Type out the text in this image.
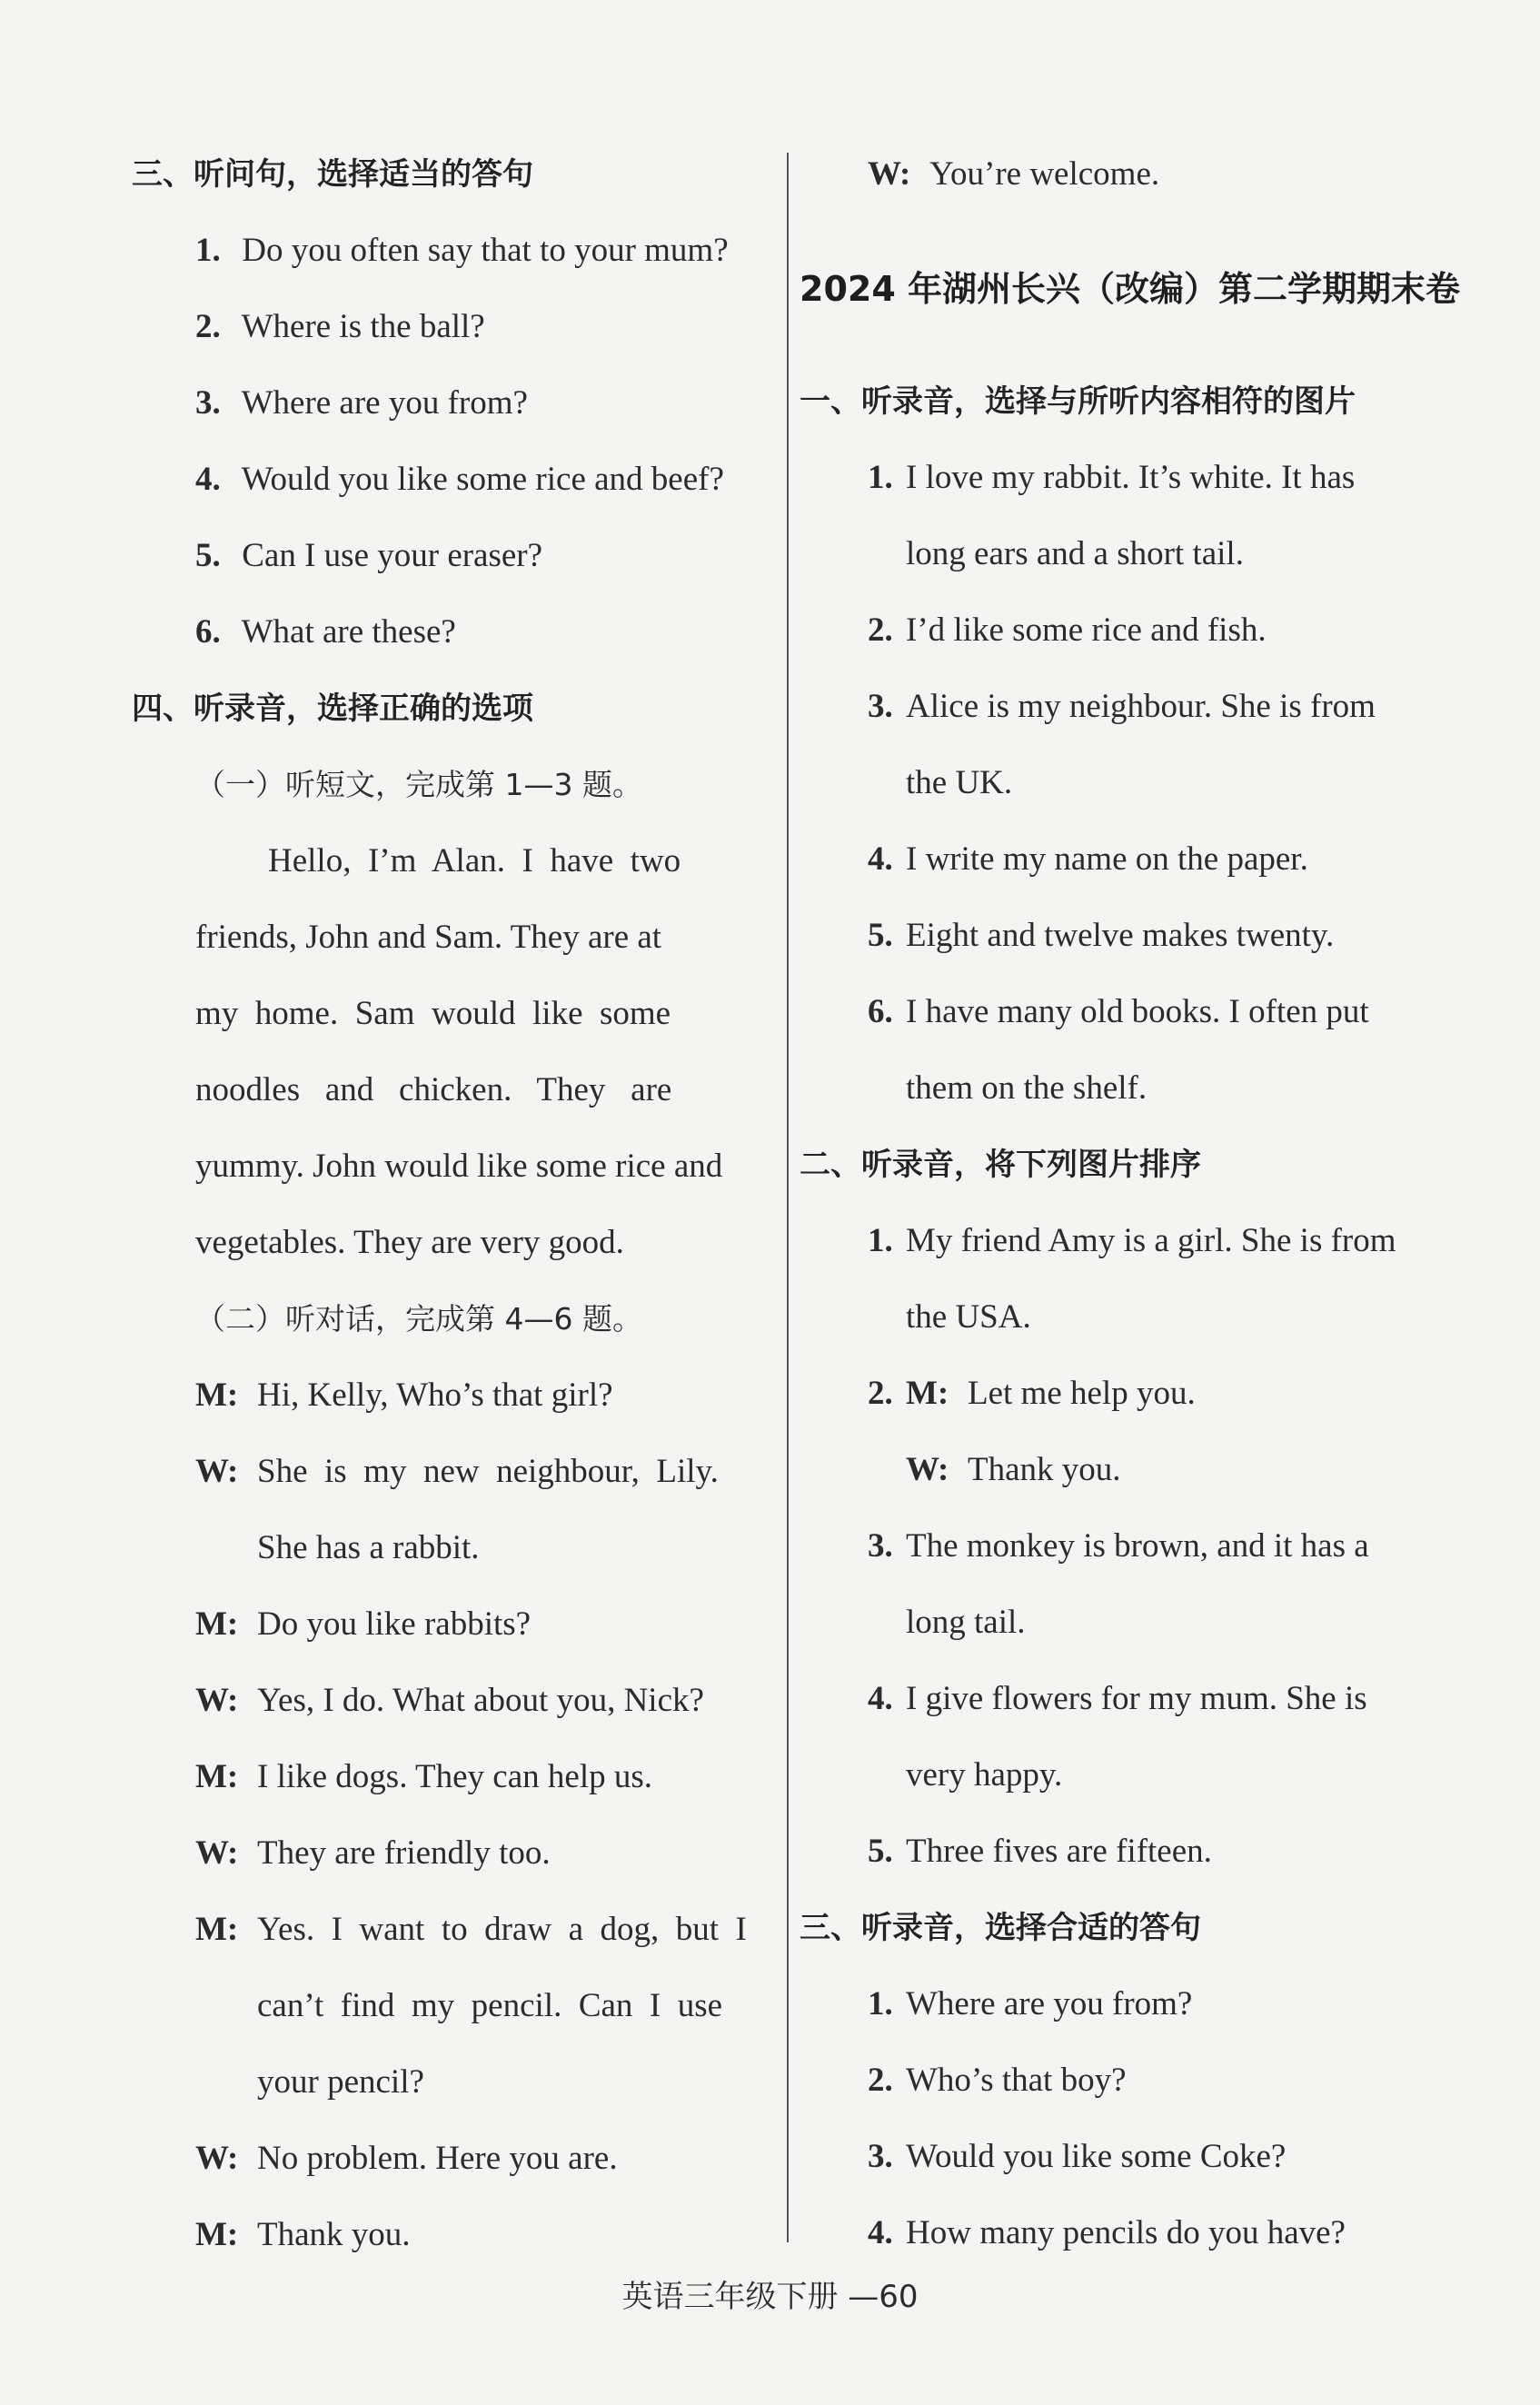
三、听问句，选择适当的答句
1. Do you often say that to your mum?
2. Where is the ball?
3. Where are you from?
4. Would you like some rice and beef?
5. Can I use your eraser?
6. What are these?
四、听录音，选择正确的选项
（一）听短文，完成第 1—3 题。
Hello,  I’m  Alan.  I  have  two
friends, John and Sam. They are at
my  home.  Sam  would  like  some
noodles   and   chicken.   They   are
yummy. John would like some rice and
vegetables. They are very good.
（二）听对话，完成第 4—6 题。
M: Hi, Kelly, Who’s that girl?
W: She  is  my  new  neighbour,  Lily.
She has a rabbit.
M: Do you like rabbits?
W: Yes, I do. What about you, Nick?
M: I like dogs. They can help us.
W: They are friendly too.
M: Yes.  I  want  to  draw  a  dog,  but  I
can’t  find  my  pencil.  Can  I  use
your pencil?
W: No problem. Here you are.
M: Thank you.
W: You’re welcome.
2024 年湖州长兴（改编）第二学期期末卷
一、听录音，选择与所听内容相符的图片
1. I love my rabbit. It’s white. It has
long ears and a short tail.
2. I’d like some rice and fish.
3. Alice is my neighbour. She is from
the UK.
4. I write my name on the paper.
5. Eight and twelve makes twenty.
6. I have many old books. I often put
them on the shelf.
二、听录音，将下列图片排序
1. My friend Amy is a girl. She is from
the USA.
2. M: Let me help you.
W: Thank you.
3. The monkey is brown, and it has a
long tail.
4. I give flowers for my mum. She is
very happy.
5. Three fives are fifteen.
三、听录音，选择合适的答句
1. Where are you from?
2. Who’s that boy?
3. Would you like some Coke?
4. How many pencils do you have?
英语三年级下册 —60
